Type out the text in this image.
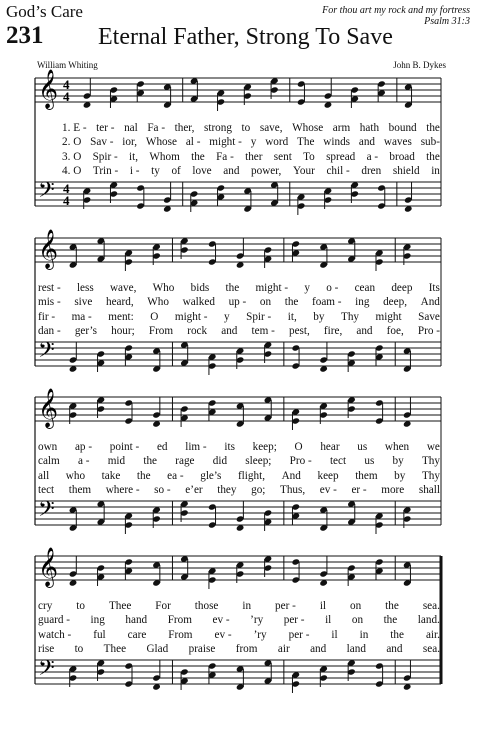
God’s Care
231 Eternal Father, Strong To Save
For thou art my rock and my fortress
Psalm 31:3
William Whiting	John B. Dykes
𝄞 4
4
𝄢 4
4
𝄞
𝄢
𝄞
𝄢
𝄞
𝄢
1. E - ter - nal Fa - ther, strong to save, Whose arm hath bound the
2. O Sav - ior, Whose al - might - y word The winds and waves sub-
3. O Spir - it, Whom the Fa - ther sent To spread a - broad the
4. O Trin - i - ty of love and power, Your chil - dren shield in
rest - less wave, Who bids the might - y o - cean deep Its
mis - sive heard, Who walked up - on the foam - ing deep, And
fir - ma - ment: O might - y Spir - it, by Thy might Save
dan - ger’s hour; From rock and tem - pest, fire, and foe, Pro -
own ap - point - ed lim - its keep; O hear us when we
calm a - mid the rage did sleep; Pro - tect us by Thy
all who take the ea - gle’s flight, And keep them by Thy
tect them where - so - e’er they go; Thus, ev - er - more shall
cry to Thee For those in per - il on the sea.
guard - ing hand From ev - ’ry per - il on the land.
watch - ful care From ev - ’ry per - il in the air.
rise to Thee Glad praise from air and land and sea.
